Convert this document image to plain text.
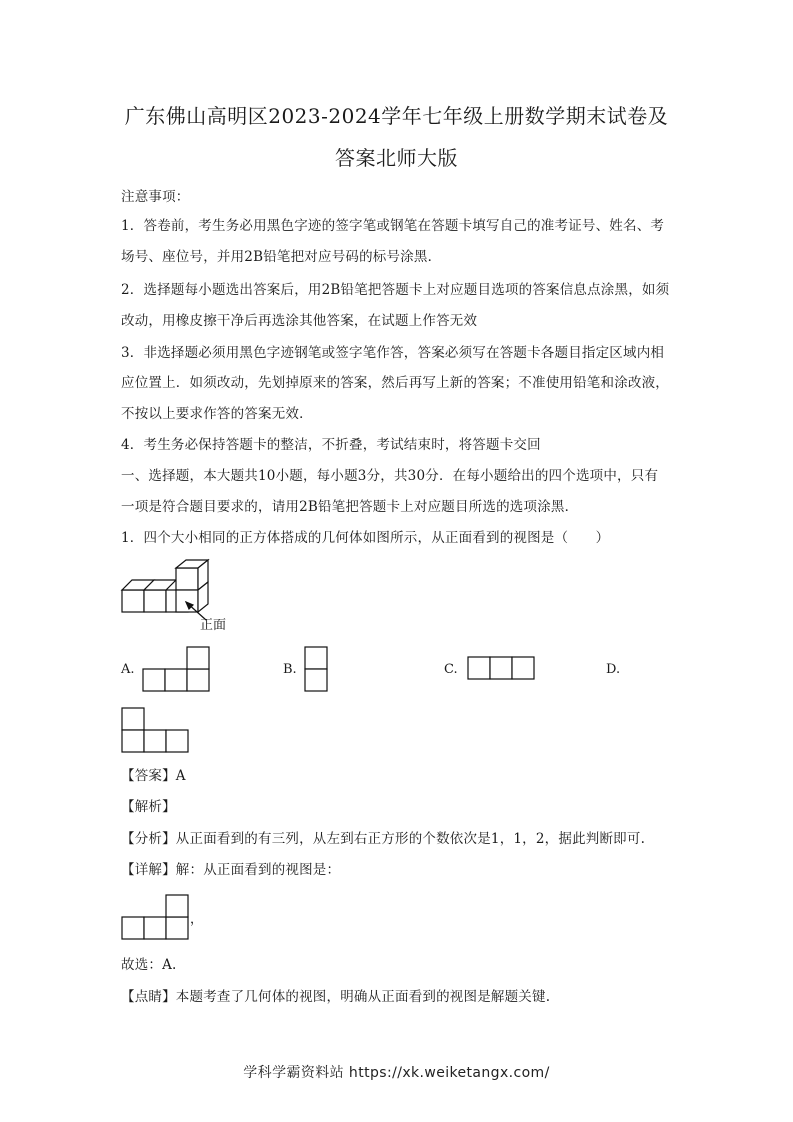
广东佛山高明区2023-2024学年七年级上册数学期末试卷及
答案北师大版
注意事项：
1．答卷前，考生务必用黑色字迹的签字笔或钢笔在答题卡填写自己的准考证号、姓名、考
场号、座位号，并用2B铅笔把对应号码的标号涂黑．
2．选择题每小题选出答案后，用2B铅笔把答题卡上对应题目选项的答案信息点涂黑，如须
改动，用橡皮擦干净后再选涂其他答案，在试题上作答无效
3．非选择题必须用黑色字迹钢笔或签字笔作答，答案必须写在答题卡各题目指定区域内相
应位置上．如须改动，先划掉原来的答案，然后再写上新的答案；不准使用铅笔和涂改液，
不按以上要求作答的答案无效．
4．考生务必保持答题卡的整洁，不折叠，考试结束时，将答题卡交回
一、选择题，本大题共10小题，每小题3分，共30分．在每小题给出的四个选项中，只有
一项是符合题目要求的，请用2B铅笔把答题卡上对应题目所选的选项涂黑．
1．四个大小相同的正方体搭成的几何体如图所示，从正面看到的视图是（　　）
正面
A.	B.	C.	D.
【答案】A
【解析】
【分析】从正面看到的有三列，从左到右正方形的个数依次是1，1，2，据此判断即可.
【详解】解：从正面看到的视图是：
，
故选：A.
【点睛】本题考查了几何体的视图，明确从正面看到的视图是解题关键.
学科学霸资料站 https://xk.weiketangx.com/
